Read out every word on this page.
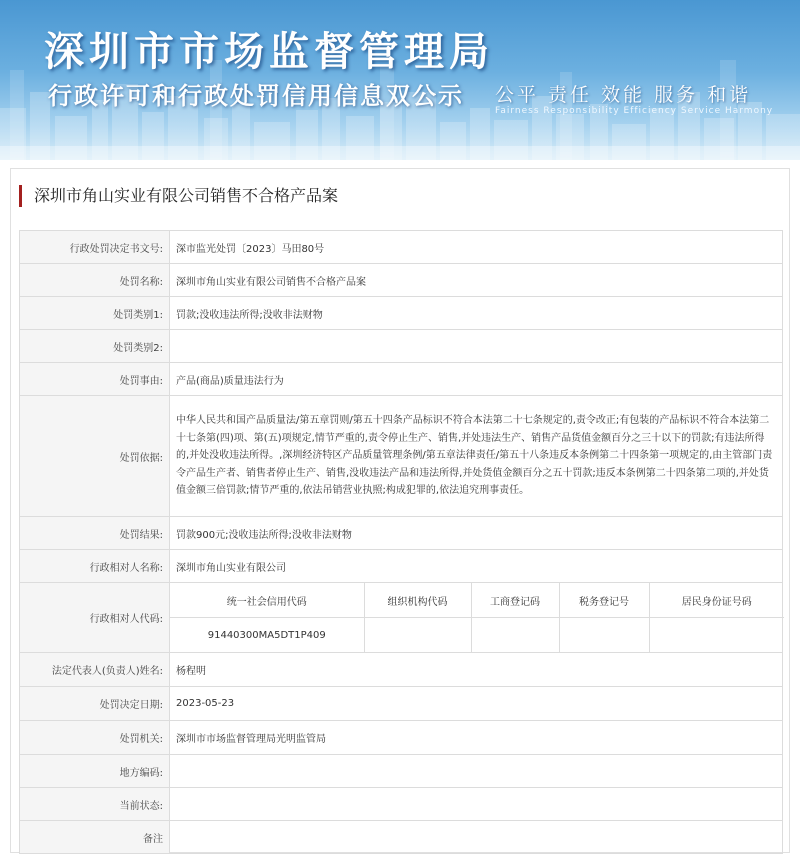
深圳市市场监督管理局
行政许可和行政处罚信用信息双公示 公平 责任 效能 服务 和谐
Fairness Responsibility Efficiency Service Harmony
深圳市角山实业有限公司销售不合格产品案
行政处罚决定书文号:	深市监光处罚〔2023〕马田80号
处罚名称:	深圳市角山实业有限公司销售不合格产品案
处罚类别1:	罚款;没收违法所得;没收非法财物
处罚类别2:	
处罚事由:	产品(商品)质量违法行为
处罚依据:	中华人民共和国产品质量法/第五章罚则/第五十四条产品标识不符合本法第二十七条规定的,责令改正;有包装的产品标识不符合本法第二十七条第(四)项、第(五)项规定,情节严重的,责令停止生产、销售,并处违法生产、销售产品货值金额百分之三十以下的罚款;有违法所得的,并处没收违法所得。,深圳经济特区产品质量管理条例/第五章法律责任/第五十八条违反本条例第二十四条第一项规定的,由主管部门责令产品生产者、销售者停止生产、销售,没收违法产品和违法所得,并处货值金额百分之五十罚款;违反本条例第二十四条第二项的,并处货值金额三倍罚款;情节严重的,依法吊销营业执照;构成犯罪的,依法追究刑事责任。
处罚结果:	罚款900元;没收违法所得;没收非法财物
行政相对人名称:	深圳市角山实业有限公司
行政相对人代码:	
统一社会信用代码	组织机构代码	工商登记码	税务登记号	居民身份证号码
91440300MA5DT1P409				

法定代表人(负责人)姓名:	杨程明
处罚决定日期:	2023-05-23
处罚机关:	深圳市市场监督管理局光明监管局
地方编码:	
当前状态:	
备注	
